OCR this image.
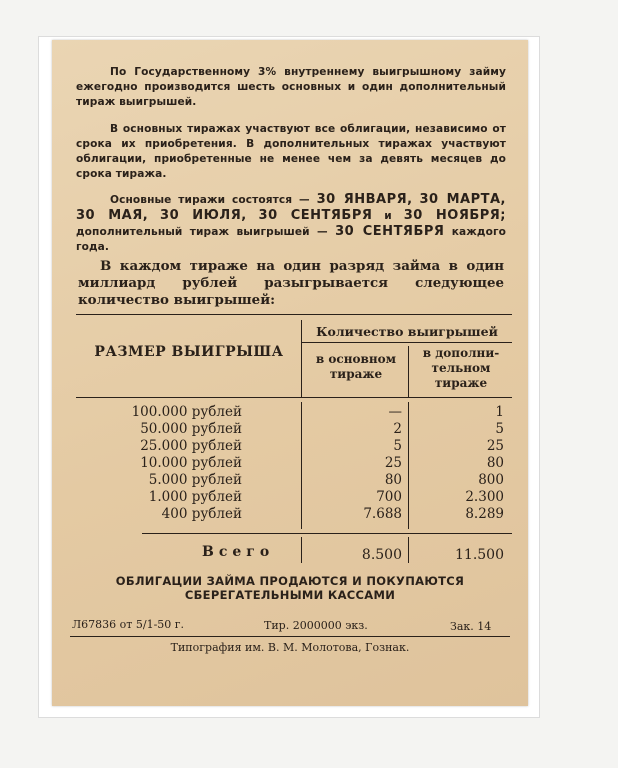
По Государственному 3% внутреннему выигрышному займу ежегодно производится шесть основных и один дополнительный тираж выигрышей.
В основных тиражах участвуют все облигации, независимо от срока их приобретения. В дополнительных тиражах участвуют облигации, приобретенные не менее чем за девять месяцев до срока тиража.
Основные тиражи состоятся — 30 ЯНВАРЯ, 30 МАРТА, 30 МАЯ, 30 ИЮЛЯ, 30 СЕНТЯБРЯ и 30 НОЯБРЯ; дополнительный тираж выигрышей — 30 СЕНТЯБРЯ каждого года.
В каждом тираже на один разряд займа в один миллиард рублей разыгрывается следующее количество выигрышей:
РАЗМЕР ВЫИГРЫША
Количество выигрышей
в основном
тираже
в дополни-
тельном
тираже
100.000 рублей	—	1
50.000 рублей	2	5
25.000 рублей	5	25
10.000 рублей	25	80
5.000 рублей	80	800
1.000 рублей	700	2.300
400 рублей	7.688	8.289
Всего	8.500	11.500
ОБЛИГАЦИИ ЗАЙМА ПРОДАЮТСЯ И ПОКУПАЮТСЯ
СБЕРЕГАТЕЛЬНЫМИ КАССАМИ
Л67836 от 5/1-50 г.	Тир. 2000000 экз.	Зак. 14
Типография им. В. М. Молотова, Гознак.
